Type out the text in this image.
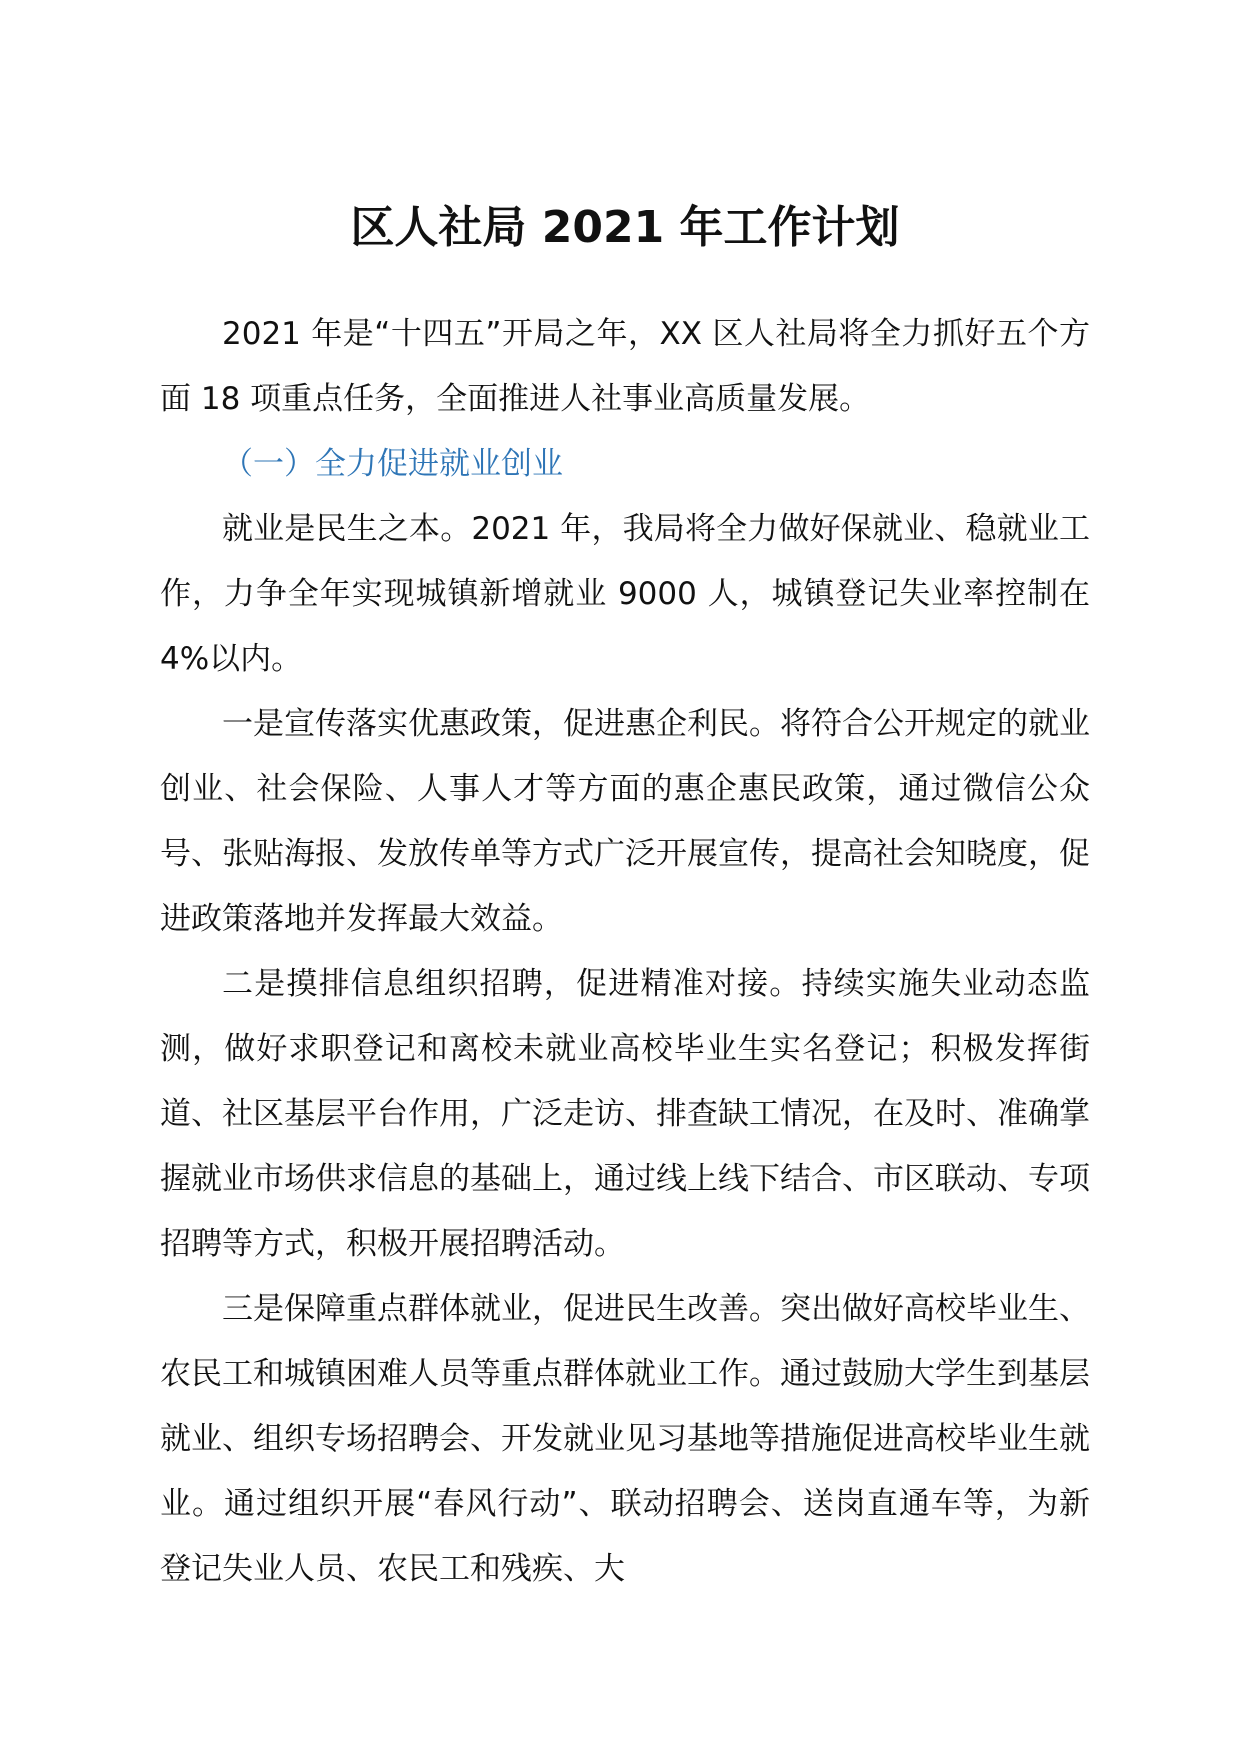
区人社局 2021 年工作计划

2021 年是“十四五”开局之年，XX 区人社局将全力抓好五个方面 18 项重点任务，全面推进人社事业高质量发展。

（一）全力促进就业创业

就业是民生之本。2021 年，我局将全力做好保就业、稳就业工作，力争全年实现城镇新增就业 9000 人，城镇登记失业率控制在 4%以内。

一是宣传落实优惠政策，促进惠企利民。将符合公开规定的就业创业、社会保险、人事人才等方面的惠企惠民政策，通过微信公众号、张贴海报、发放传单等方式广泛开展宣传，提高社会知晓度，促进政策落地并发挥最大效益。

二是摸排信息组织招聘，促进精准对接。持续实施失业动态监测，做好求职登记和离校未就业高校毕业生实名登记；积极发挥街道、社区基层平台作用，广泛走访、排查缺工情况，在及时、准确掌握就业市场供求信息的基础上，通过线上线下结合、市区联动、专项招聘等方式，积极开展招聘活动。

三是保障重点群体就业，促进民生改善。突出做好高校毕业生、农民工和城镇困难人员等重点群体就业工作。通过鼓励大学生到基层就业、组织专场招聘会、开发就业见习基地等措施促进高校毕业生就业。通过组织开展“春风行动”、联动招聘会、送岗直通车等，为新登记失业人员、农民工和残疾、大
